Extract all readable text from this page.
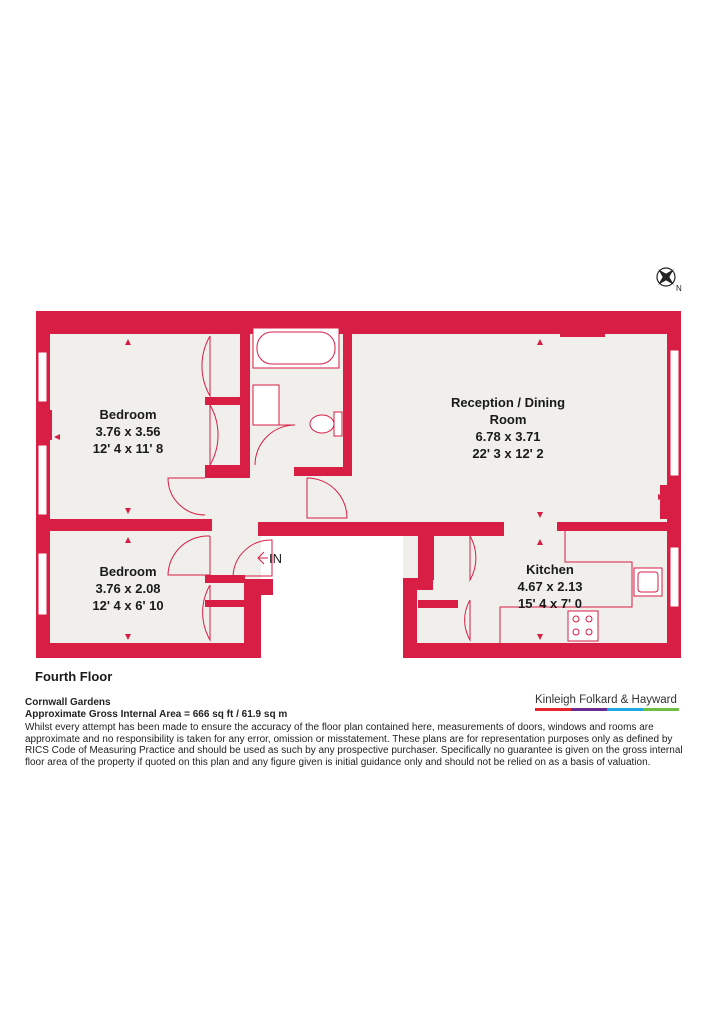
Bedroom
3.76 x 3.56
12' 4 x 11' 8
Bedroom
3.76 x 2.08
12' 4 x 6' 10
Reception / Dining
Room
6.78 x 3.71
22' 3 x 12' 2
Kitchen
4.67 x 2.13
15' 4 x 7' 0
IN
N
Fourth Floor
Cornwall Gardens
Approximate Gross Internal Area = 666 sq ft / 61.9 sq m
Whilst every attempt has been made to ensure the accuracy of the floor plan contained here, measurements of doors, windows and rooms are approximate and no responsibility is taken for any error, omission or misstatement. These plans are for representation purposes only as defined by RICS Code of Measuring Practice and should be used as such by any prospective purchaser. Specifically no guarantee is given on the gross internal floor area of the property if quoted on this plan and any figure given is initial guidance only and should not be relied on as a basis of valuation.
Kinleigh Folkard & Hayward
